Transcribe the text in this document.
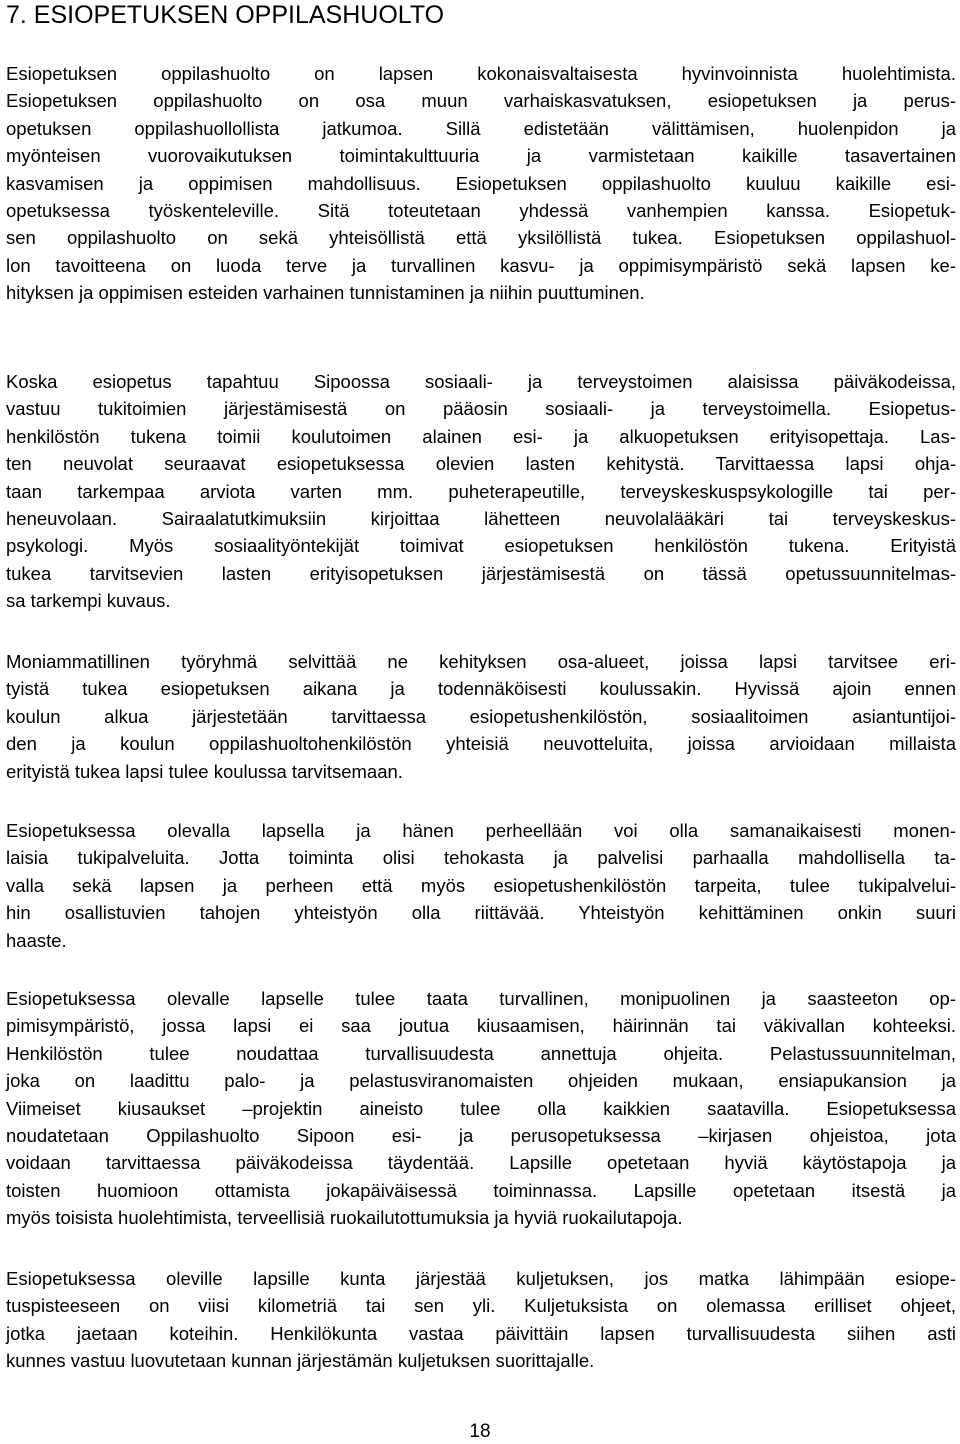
7. ESIOPETUKSEN OPPILASHUOLTO
Esiopetuksen oppilashuolto on lapsen kokonaisvaltaisesta hyvinvoinnista huolehtimista.
Esiopetuksen oppilashuolto on osa muun varhaiskasvatuksen, esiopetuksen ja perus-
opetuksen oppilashuollollista jatkumoa. Sillä edistetään välittämisen, huolenpidon ja
myönteisen vuorovaikutuksen toimintakulttuuria ja varmistetaan kaikille tasavertainen
kasvamisen ja oppimisen mahdollisuus. Esiopetuksen oppilashuolto kuuluu kaikille esi-
opetuksessa työskenteleville. Sitä toteutetaan yhdessä vanhempien kanssa. Esiopetuk-
sen oppilashuolto on sekä yhteisöllistä että yksilöllistä tukea. Esiopetuksen oppilashuol-
lon tavoitteena on luoda terve ja turvallinen kasvu- ja oppimisympäristö sekä lapsen ke-
hityksen ja oppimisen esteiden varhainen tunnistaminen ja niihin puuttuminen.
Koska esiopetus tapahtuu Sipoossa sosiaali- ja terveystoimen alaisissa päiväkodeissa,
vastuu tukitoimien järjestämisestä on pääosin sosiaali- ja terveystoimella. Esiopetus-
henkilöstön tukena toimii koulutoimen alainen esi- ja alkuopetuksen erityisopettaja. Las-
ten neuvolat seuraavat esiopetuksessa olevien lasten kehitystä. Tarvittaessa lapsi ohja-
taan tarkempaa arviota varten mm. puheterapeutille, terveyskeskuspsykologille tai per-
heneuvolaan. Sairaalatutkimuksiin kirjoittaa lähetteen neuvolalääkäri tai terveyskeskus-
psykologi. Myös sosiaalityöntekijät toimivat esiopetuksen henkilöstön tukena. Erityistä
tukea tarvitsevien lasten erityisopetuksen järjestämisestä on tässä opetussuunnitelmas-
sa tarkempi kuvaus.
Moniammatillinen työryhmä selvittää ne kehityksen osa-alueet, joissa lapsi tarvitsee eri-
tyistä tukea esiopetuksen aikana ja todennäköisesti koulussakin. Hyvissä ajoin ennen
koulun alkua järjestetään tarvittaessa esiopetushenkilöstön, sosiaalitoimen asiantuntijoi-
den ja koulun oppilashuoltohenkilöstön yhteisiä neuvotteluita, joissa arvioidaan millaista
erityistä tukea lapsi tulee koulussa tarvitsemaan.
Esiopetuksessa olevalla lapsella ja hänen perheellään voi olla samanaikaisesti monen-
laisia tukipalveluita. Jotta toiminta olisi tehokasta ja palvelisi parhaalla mahdollisella ta-
valla sekä lapsen ja perheen että myös esiopetushenkilöstön tarpeita, tulee tukipalvelui-
hin osallistuvien tahojen yhteistyön olla riittävää. Yhteistyön kehittäminen onkin suuri
haaste.
Esiopetuksessa olevalle lapselle tulee taata turvallinen, monipuolinen ja saasteeton op-
pimisympäristö, jossa lapsi ei saa joutua kiusaamisen, häirinnän tai väkivallan kohteeksi.
Henkilöstön tulee noudattaa turvallisuudesta annettuja ohjeita. Pelastussuunnitelman,
joka on laadittu palo- ja pelastusviranomaisten ohjeiden mukaan, ensiapukansion ja
Viimeiset kiusaukset –projektin aineisto tulee olla kaikkien saatavilla. Esiopetuksessa
noudatetaan Oppilashuolto Sipoon esi- ja perusopetuksessa –kirjasen ohjeistoa, jota
voidaan tarvittaessa päiväkodeissa täydentää. Lapsille opetetaan hyviä käytöstapoja ja
toisten huomioon ottamista jokapäiväisessä toiminnassa. Lapsille opetetaan itsestä ja
myös toisista huolehtimista, terveellisiä ruokailutottumuksia ja hyviä ruokailutapoja.
Esiopetuksessa oleville lapsille kunta järjestää kuljetuksen, jos matka lähimpään esiope-
tuspisteeseen on viisi kilometriä tai sen yli. Kuljetuksista on olemassa erilliset ohjeet,
jotka jaetaan koteihin. Henkilökunta vastaa päivittäin lapsen turvallisuudesta siihen asti
kunnes vastuu luovutetaan kunnan järjestämän kuljetuksen suorittajalle.
18
